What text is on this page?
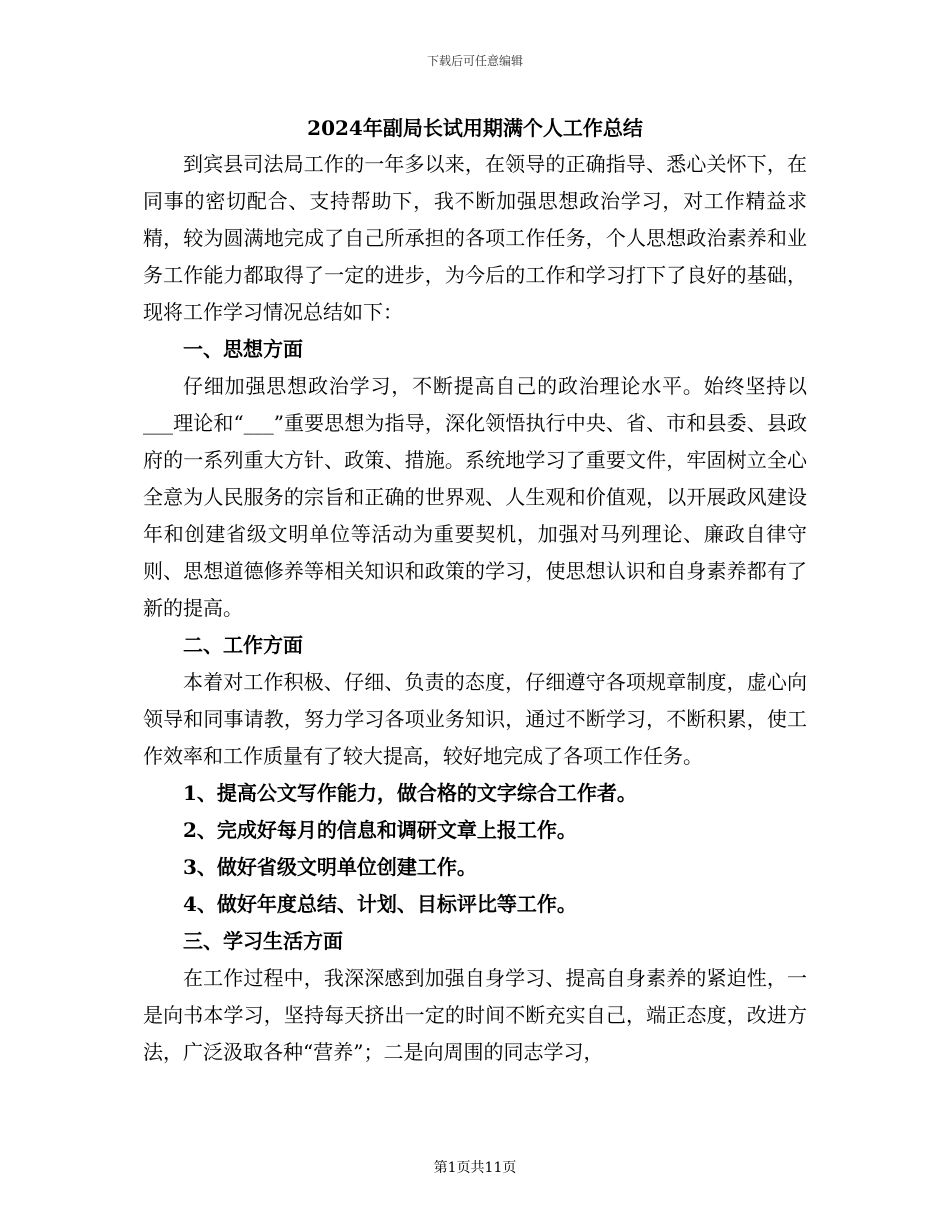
下载后可任意编辑
2024年副局长试用期满个人工作总结

到宾县司法局工作的一年多以来，在领导的正确指导、悉心关怀下，在同事的密切配合、支持帮助下，我不断加强思想政治学习，对工作精益求精，较为圆满地完成了自己所承担的各项工作任务，个人思想政治素养和业务工作能力都取得了一定的进步，为今后的工作和学习打下了良好的基础，现将工作学习情况总结如下：

一、思想方面

仔细加强思想政治学习，不断提高自己的政治理论水平。始终坚持以___理论和“___”重要思想为指导，深化领悟执行中央、省、市和县委、县政府的一系列重大方针、政策、措施。系统地学习了重要文件，牢固树立全心全意为人民服务的宗旨和正确的世界观、人生观和价值观，以开展政风建设年和创建省级文明单位等活动为重要契机，加强对马列理论、廉政自律守则、思想道德修养等相关知识和政策的学习，使思想认识和自身素养都有了新的提高。

二、工作方面

本着对工作积极、仔细、负责的态度，仔细遵守各项规章制度，虚心向领导和同事请教，努力学习各项业务知识，通过不断学习，不断积累，使工作效率和工作质量有了较大提高，较好地完成了各项工作任务。

1、提高公文写作能力，做合格的文字综合工作者。

2、完成好每月的信息和调研文章上报工作。

3、做好省级文明单位创建工作。

4、做好年度总结、计划、目标评比等工作。

三、学习生活方面

在工作过程中，我深深感到加强自身学习、提高自身素养的紧迫性，一是向书本学习，坚持每天挤出一定的时间不断充实自己，端正态度，改进方法，广泛汲取各种“营养”；二是向周围的同志学习，

第1页共11页
